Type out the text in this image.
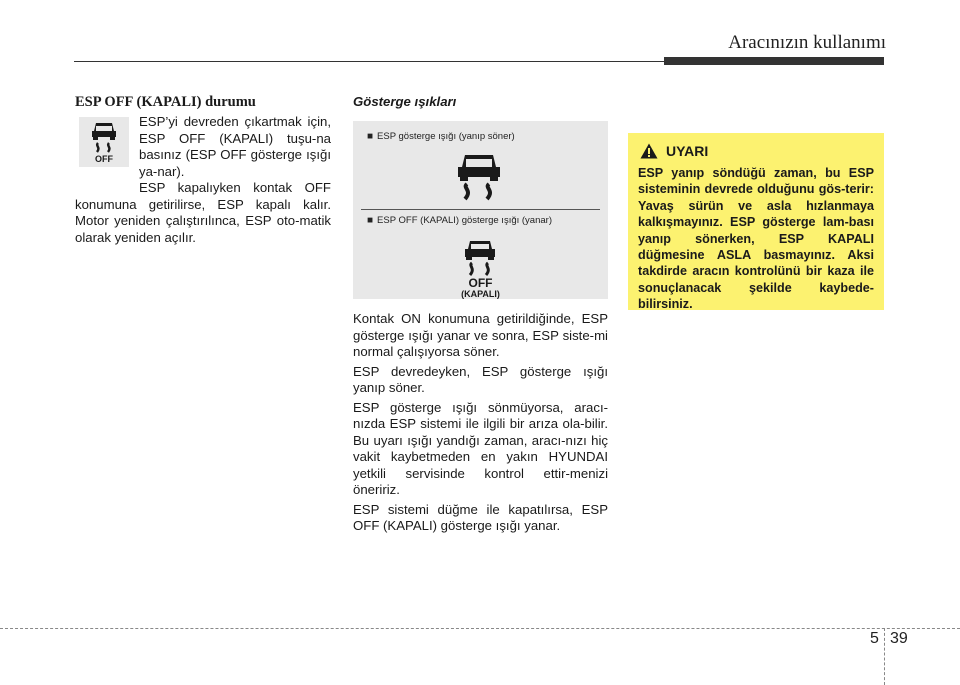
Aracınızın kullanımı
ESP OFF (KAPALI) durumu
OFF

ESP’yi devreden çıkartmak için, ESP OFF (KAPALI) tuşu-na basınız (ESP OFF gösterge ışığı ya-nar).

ESP kapalıyken kontak OFF konumuna getirilirse, ESP kapalı kalır. Motor yeniden çalıştırılınca, ESP oto-matik olarak yeniden açılır.

Gösterge ışıkları
■ ESP gösterge ışığı (yanıp söner)
■ ESP OFF (KAPALI) gösterge ışığı (yanar)
OFF
(KAPALI)

Kontak ON konumuna getirildiğinde, ESP gösterge ışığı yanar ve sonra, ESP siste-mi normal çalışıyorsa söner.

ESP devredeyken, ESP gösterge ışığı yanıp söner.

ESP gösterge ışığı sönmüyorsa, aracı-nızda ESP sistemi ile ilgili bir arıza ola-bilir. Bu uyarı ışığı yandığı zaman, aracı-nızı hiç vakit kaybetmeden en yakın HYUNDAI yetkili servisinde kontrol ettir-menizi öneririz.

ESP sistemi düğme ile kapatılırsa, ESP OFF (KAPALI) gösterge ışığı yanar.

UYARI

ESP yanıp söndüğü zaman, bu ESP sisteminin devrede olduğunu gös-terir: Yavaş sürün ve asla hızlanmaya kalkışmayınız. ESP gösterge lam-bası yanıp sönerken, ESP KAPALI düğmesine ASLA basmayınız. Aksi takdirde aracın kontrolünü bir kaza ile sonuçlanacak şekilde kaybede-bilirsiniz.

5 39
